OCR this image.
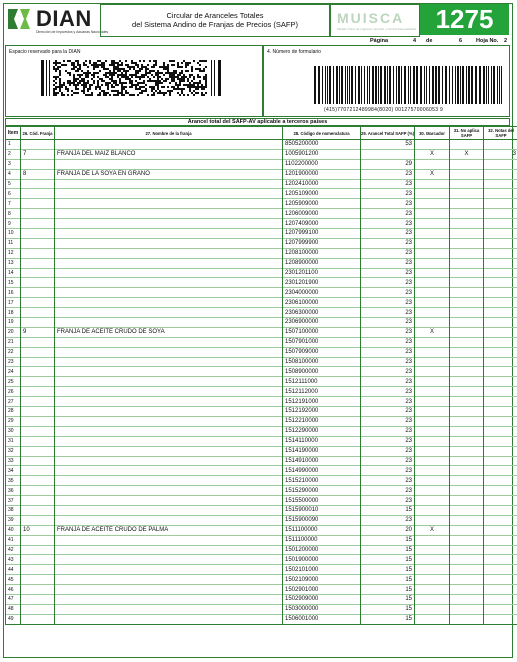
DIAN
Dirección de Impuestos y Aduanas Nacionales
Circular de Aranceles Totales
del Sistema Andino de Franjas de Precios (SAFP)	MUISCA
Modelo Único de Ingresos, Servicio y Control Automatizado 1275
Página	4 de	6	Hoja No. 2
Espacio reservado para la DIAN	4. Número de formulario
(415)7707212489984(8020) 00127570006053 9
Arancel total del SAFP-AV aplicable a terceros países
Item	26. Cód. Franja	27. Nombre de la franja	28. Código de nomenclatura	29. Arancel Total SAFP (%)	30. Marcador	31. No aplica SAFP	32. Notas del SAFP
1			8505200000	53			
2	7	FRANJA DEL MAIZ BLANCO	1005901200		X	X	3
3			1102200000	29			
4	8	FRANJA DE LA SOYA EN GRANO	1201900000	23	X		
5			1202410000	23			
6			1205109000	23			
7			1205909000	23			
8			1206009000	23			
9			1207409000	23			
10			1207999100	23			
11			1207999900	23			
12			1208100000	23			
13			1208900000	23			
14			2301201100	23			
15			2301201900	23			
16			2304000000	23			
17			2306100000	23			
18			2306300000	23			
19			2306900000	23			
20	9	FRANJA DE ACEITE CRUDO DE SOYA	1507100000	23	X		
21			1507901000	23			
22			1507909000	23			
23			1508100000	23			
24			1508900000	23			
25			1512111000	23			
26			1512112000	23			
27			1512191000	23			
28			1512192000	23			
29			1512210000	23			
30			1512290000	23			
31			1514110000	23			
32			1514190000	23			
33			1514910000	23			
34			1514990000	23			
35			1515210000	23			
36			1515290000	23			
37			1515500000	23			
38			1515900010	15			
39			1515900090	23			
40	10	FRANJA DE ACEITE CRUDO DE PALMA	1511100000	20	X		
41			1511100000	15			
42			1501200000	15			
43			1501900000	15			
44			1502101000	15			
45			1502109000	15			
46			1502901000	15			
47			1502909000	15			
48			1503000000	15			
49			1506001000	15			
